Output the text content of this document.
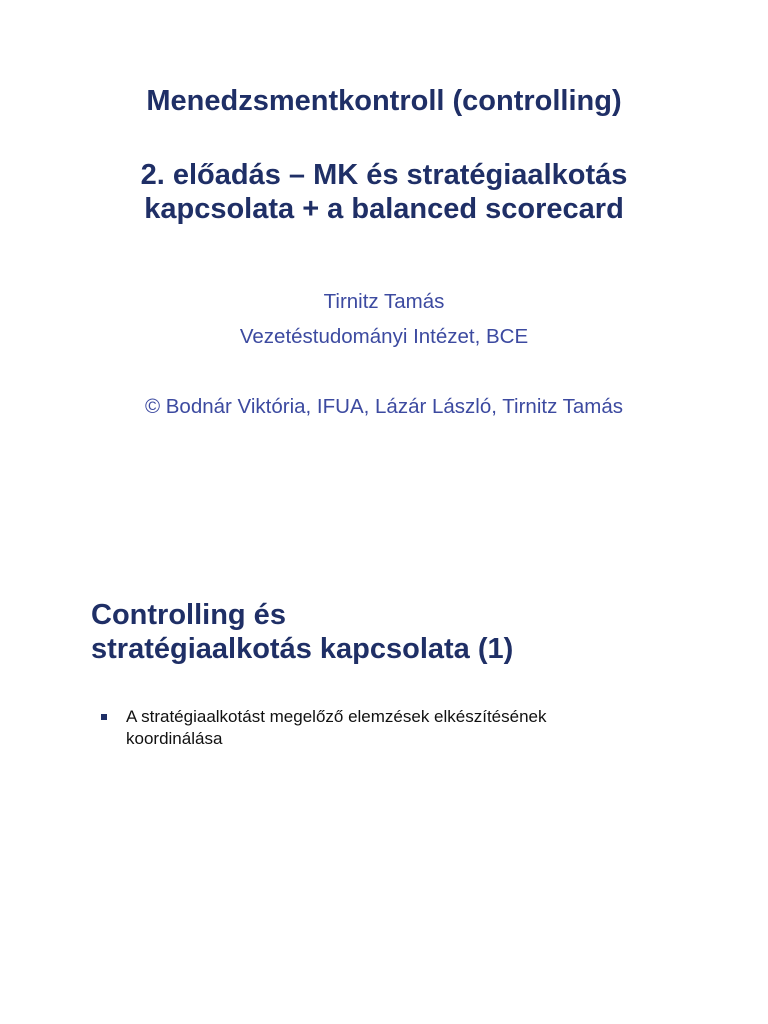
Menedzsmentkontroll (controlling)
2. előadás – MK és stratégiaalkotás
kapcsolata + a balanced scorecard

Tirnitz Tamás

Vezetéstudományi Intézet, BCE

© Bodnár Viktória, IFUA, Lázár László, Tirnitz Tamás

Controlling és
stratégiaalkotás kapcsolata (1)
A stratégiaalkotást megelőző elemzések elkészítésének
koordinálása
